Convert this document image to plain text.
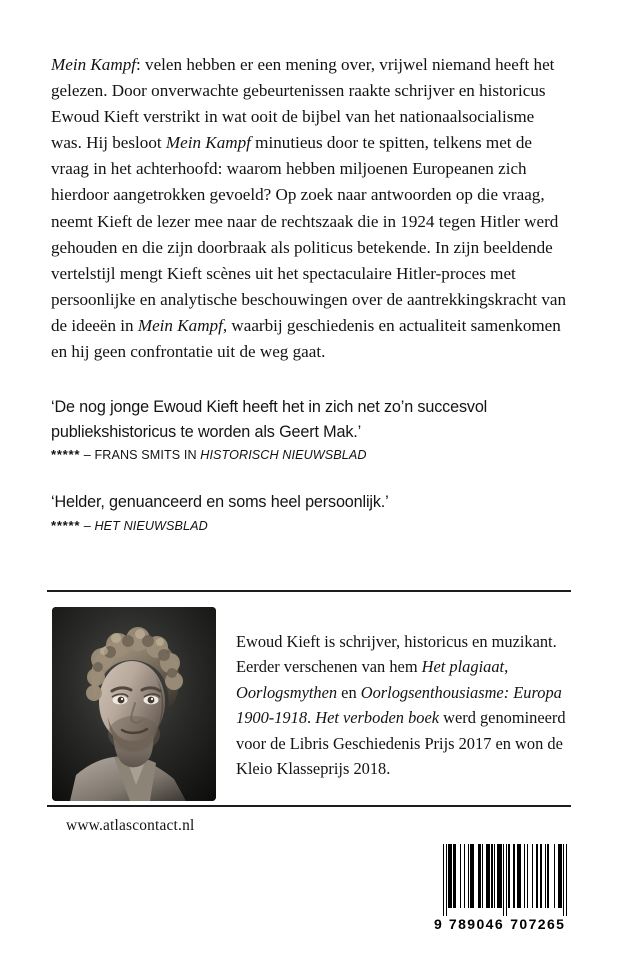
Mein Kampf: velen hebben er een mening over, vrijwel niemand heeft het gelezen. Door onverwachte gebeurtenissen raakte schrijver en historicus Ewoud Kieft verstrikt in wat ooit de bijbel van het nationaalsocialisme was. Hij besloot Mein Kampf minutieus door te spitten, telkens met de vraag in het achterhoofd: waarom hebben miljoenen Europeanen zich hierdoor aangetrokken gevoeld? Op zoek naar antwoorden op die vraag, neemt Kieft de lezer mee naar de rechtszaak die in 1924 tegen Hitler werd gehouden en die zijn doorbraak als politicus betekende. In zijn beeldende vertelstijl mengt Kieft scènes uit het spectaculaire Hitler-proces met persoonlijke en analytische beschouwingen over de aantrekkingskracht van de ideeën in Mein Kampf, waarbij geschiedenis en actualiteit samenkomen en hij geen confrontatie uit de weg gaat.

‘De nog jonge Ewoud Kieft heeft het in zich net zo’n succesvol publiekshistoricus te worden als Geert Mak.’
***** – FRANS SMITS IN HISTORISCH NIEUWSBLAD
‘Helder, genuanceerd en soms heel persoonlijk.’
***** – HET NIEUWSBLAD
Ewoud Kieft is schrijver, historicus en muzikant. Eerder verschenen van hem Het plagiaat, Oorlogsmythen en Oorlogsenthousiasme: Europa 1900-1918. Het verboden boek werd genomineerd voor de Libris Geschiedenis Prijs 2017 en won de Kleio Klasseprijs 2018.
www.atlascontact.nl
9 789046 707265
